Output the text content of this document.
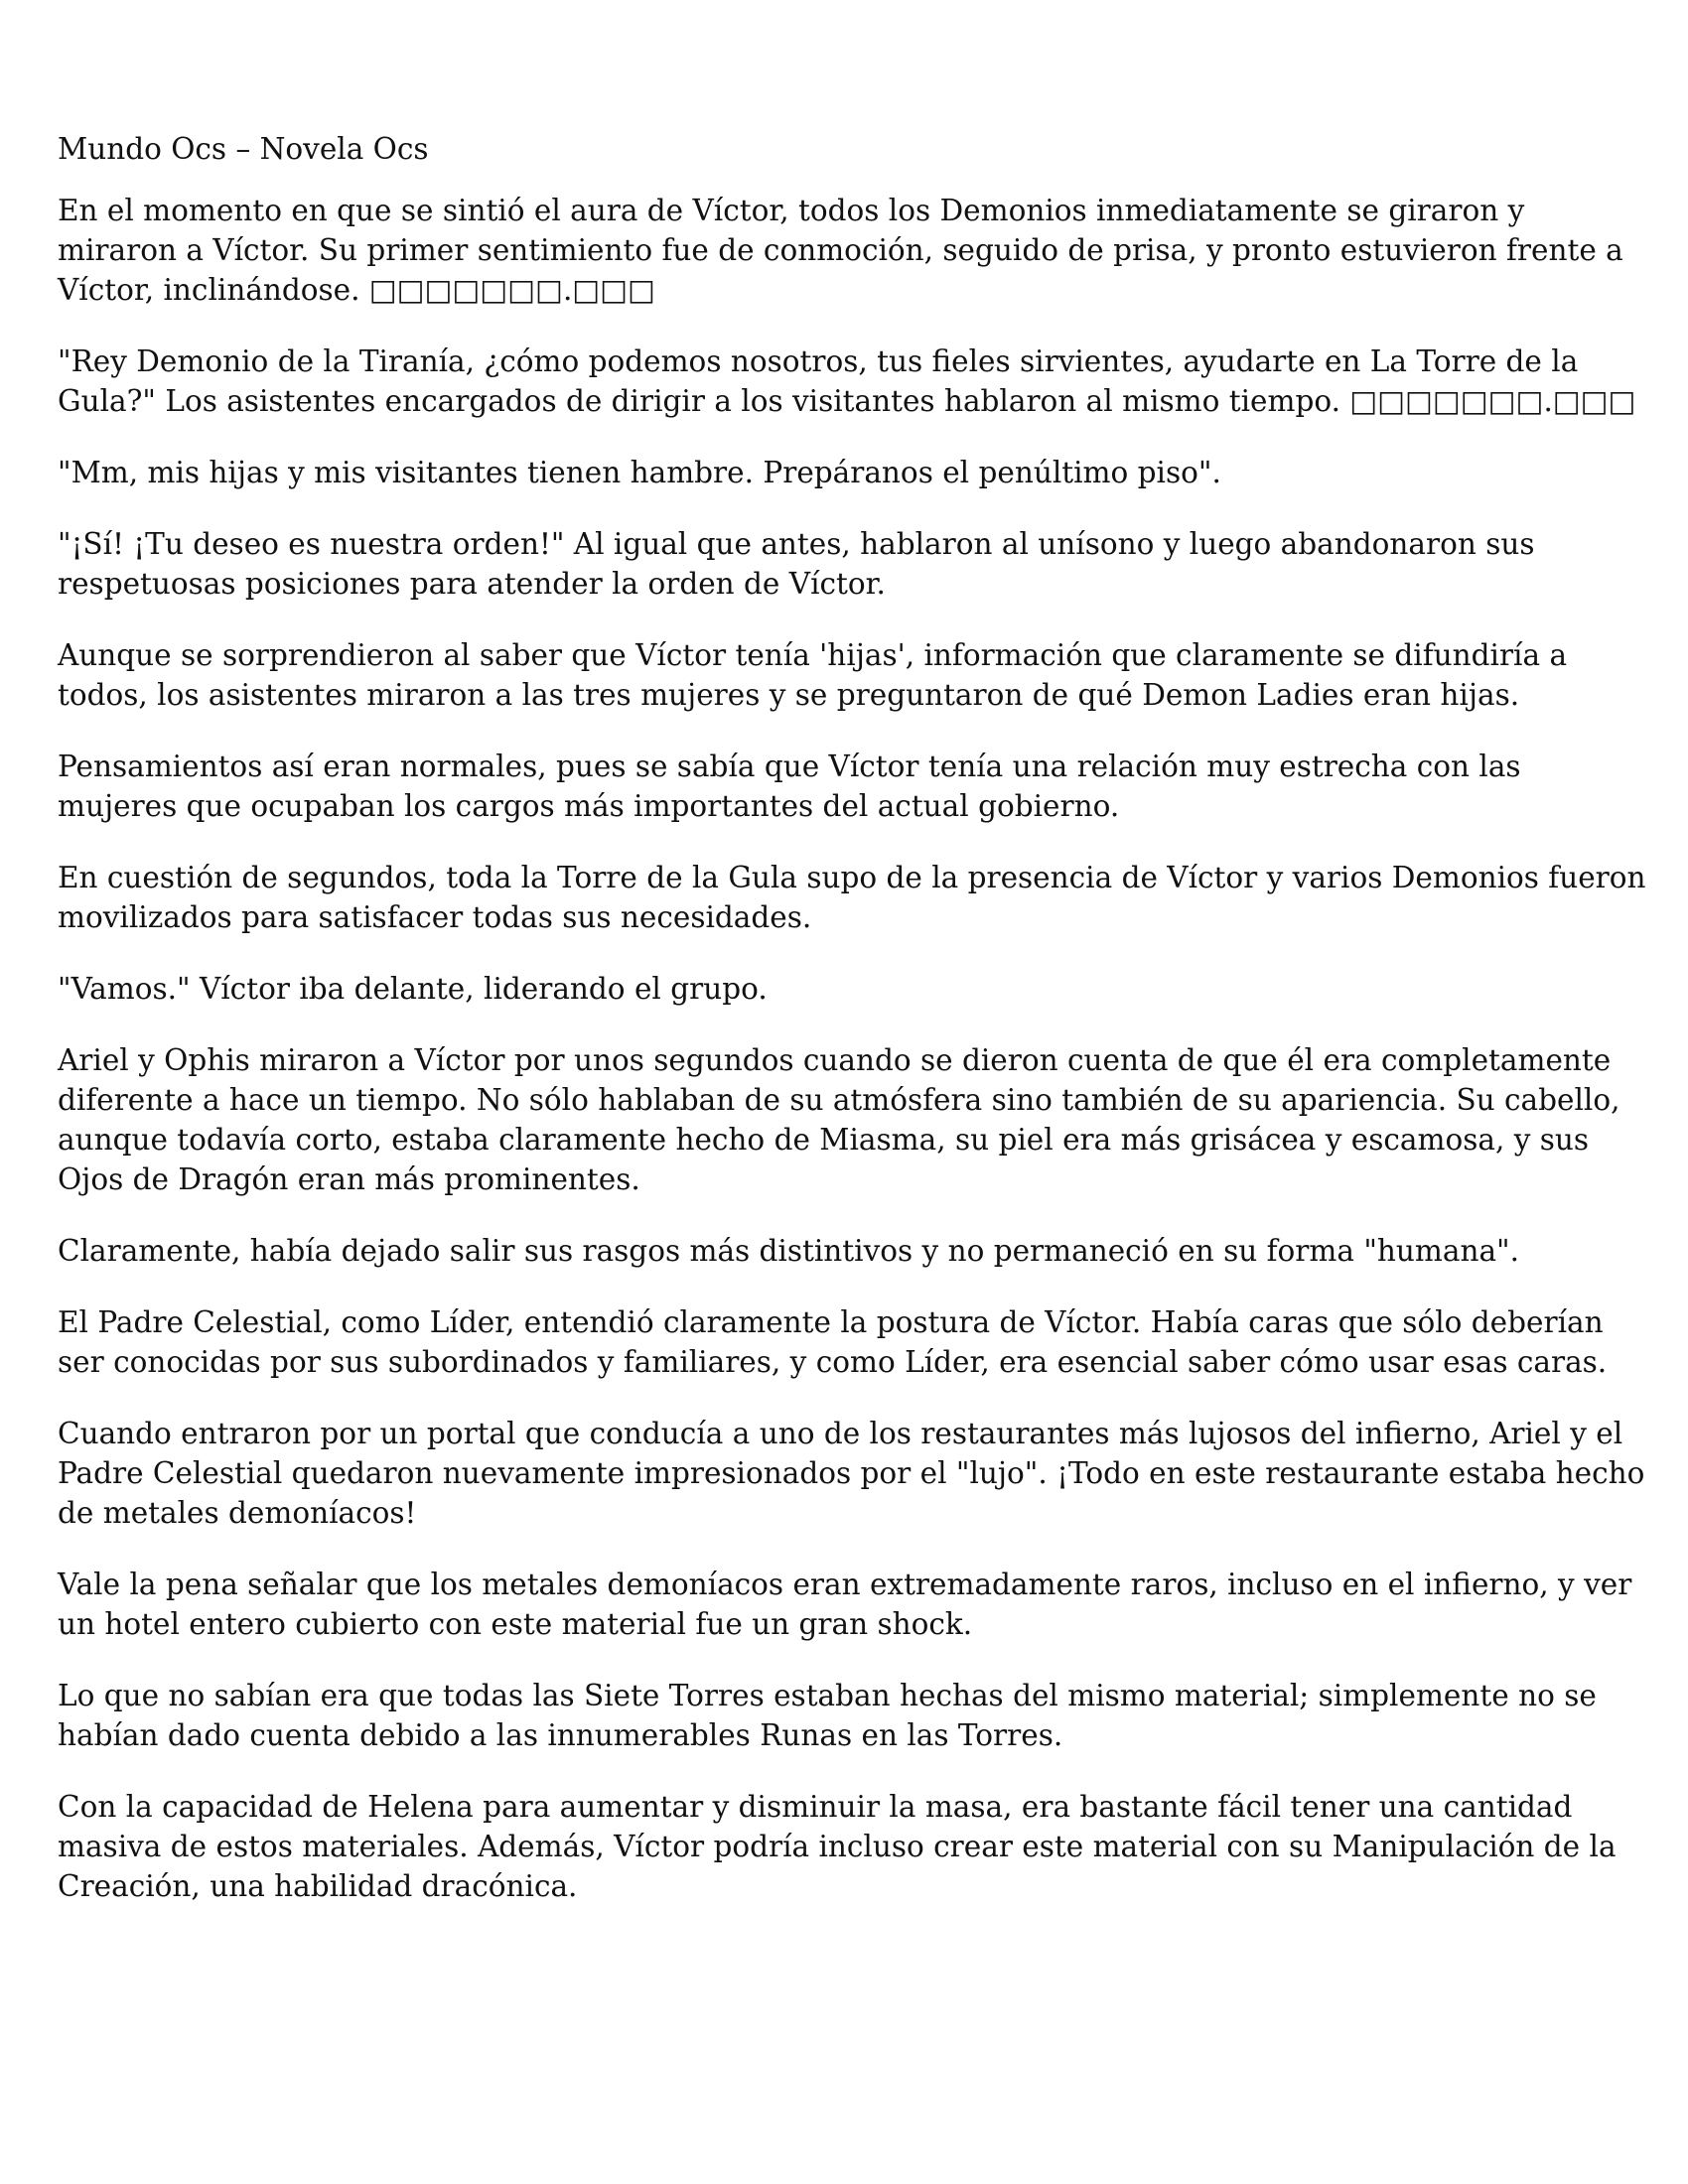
Mundo Ocs – Novela Ocs

En el momento en que se sintió el aura de Víctor, todos los Demonios inmediatamente se giraron y miraron a Víctor. Su primer sentimiento fue de conmoción, seguido de prisa, y pronto estuvieron frente a Víctor, inclinándose. □□□□□□□.□□□

"Rey Demonio de la Tiranía, ¿cómo podemos nosotros, tus fieles sirvientes, ayudarte en La Torre de la Gula?" Los asistentes encargados de dirigir a los visitantes hablaron al mismo tiempo. □□□□□□□.□□□

"Mm, mis hijas y mis visitantes tienen hambre. Prepáranos el penúltimo piso".

"¡Sí! ¡Tu deseo es nuestra orden!" Al igual que antes, hablaron al unísono y luego abandonaron sus respetuosas posiciones para atender la orden de Víctor.

Aunque se sorprendieron al saber que Víctor tenía 'hijas', información que claramente se difundiría a todos, los asistentes miraron a las tres mujeres y se preguntaron de qué Demon Ladies eran hijas.

Pensamientos así eran normales, pues se sabía que Víctor tenía una relación muy estrecha con las mujeres que ocupaban los cargos más importantes del actual gobierno.

En cuestión de segundos, toda la Torre de la Gula supo de la presencia de Víctor y varios Demonios fueron movilizados para satisfacer todas sus necesidades.

"Vamos." Víctor iba delante, liderando el grupo.

Ariel y Ophis miraron a Víctor por unos segundos cuando se dieron cuenta de que él era completamente diferente a hace un tiempo. No sólo hablaban de su atmósfera sino también de su apariencia. Su cabello, aunque todavía corto, estaba claramente hecho de Miasma, su piel era más grisácea y escamosa, y sus Ojos de Dragón eran más prominentes.

Claramente, había dejado salir sus rasgos más distintivos y no permaneció en su forma "humana".

El Padre Celestial, como Líder, entendió claramente la postura de Víctor. Había caras que sólo deberían ser conocidas por sus subordinados y familiares, y como Líder, era esencial saber cómo usar esas caras.

Cuando entraron por un portal que conducía a uno de los restaurantes más lujosos del infierno, Ariel y el Padre Celestial quedaron nuevamente impresionados por el "lujo". ¡Todo en este restaurante estaba hecho de metales demoníacos!

Vale la pena señalar que los metales demoníacos eran extremadamente raros, incluso en el infierno, y ver un hotel entero cubierto con este material fue un gran shock.

Lo que no sabían era que todas las Siete Torres estaban hechas del mismo material; simplemente no se habían dado cuenta debido a las innumerables Runas en las Torres.

Con la capacidad de Helena para aumentar y disminuir la masa, era bastante fácil tener una cantidad masiva de estos materiales. Además, Víctor podría incluso crear este material con su Manipulación de la Creación, una habilidad dracónica.
